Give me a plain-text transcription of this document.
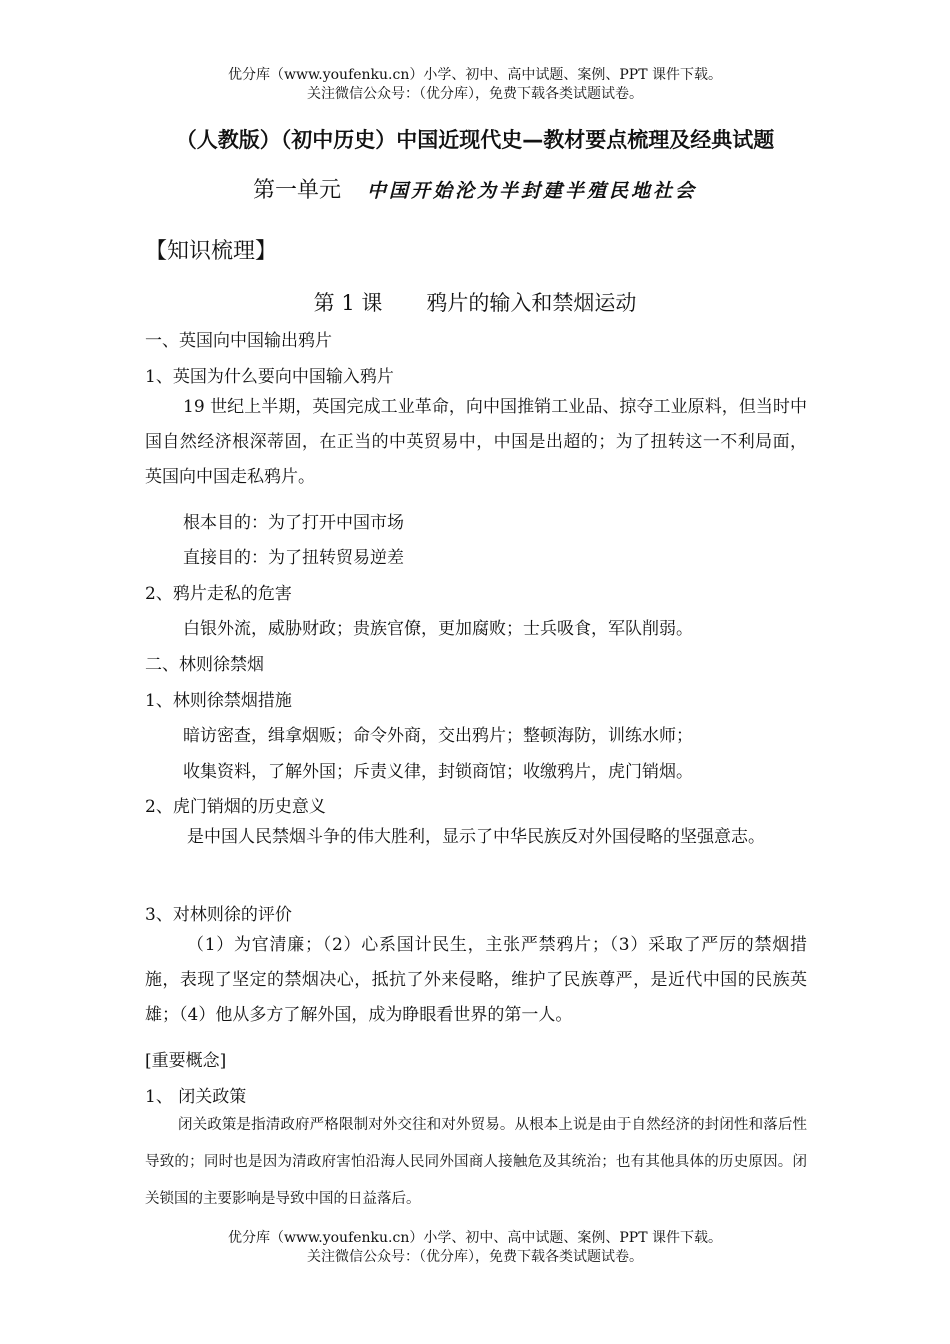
优分库（www.youfenku.cn）小学、初中、高中试题、案例、PPT 课件下载。
关注微信公众号：（优分库），免费下载各类试题试卷。
（人教版）（初中历史）中国近现代史—教材要点梳理及经典试题
第一单元 中国开始沦为半封建半殖民地社会
【知识梳理】
第 1 课 鸦片的输入和禁烟运动
一、英国向中国输出鸦片
1、英国为什么要向中国输入鸦片
19 世纪上半期，英国完成工业革命，向中国推销工业品、掠夺工业原料，但当时中国自然经济根深蒂固，在正当的中英贸易中，中国是出超的；为了扭转这一不利局面，英国向中国走私鸦片。
根本目的：为了打开中国市场
直接目的：为了扭转贸易逆差
2、鸦片走私的危害
白银外流，威胁财政；贵族官僚，更加腐败；士兵吸食，军队削弱。
二、林则徐禁烟
1、林则徐禁烟措施
暗访密查，缉拿烟贩；命令外商，交出鸦片；整顿海防，训练水师；
收集资料，了解外国；斥责义律，封锁商馆；收缴鸦片，虎门销烟。
2、虎门销烟的历史意义
是中国人民禁烟斗争的伟大胜利，显示了中华民族反对外国侵略的坚强意志。
3、对林则徐的评价
（1）为官清廉；（2）心系国计民生，主张严禁鸦片；（3）采取了严厉的禁烟措施，表现了坚定的禁烟决心，抵抗了外来侵略，维护了民族尊严，是近代中国的民族英雄；（4）他从多方了解外国，成为睁眼看世界的第一人。
[重要概念]
1、 闭关政策
闭关政策是指清政府严格限制对外交往和对外贸易。从根本上说是由于自然经济的封闭性和落后性导致的；同时也是因为清政府害怕沿海人民同外国商人接触危及其统治；也有其他具体的历史原因。闭关锁国的主要影响是导致中国的日益落后。
优分库（www.youfenku.cn）小学、初中、高中试题、案例、PPT 课件下载。
关注微信公众号：（优分库），免费下载各类试题试卷。
